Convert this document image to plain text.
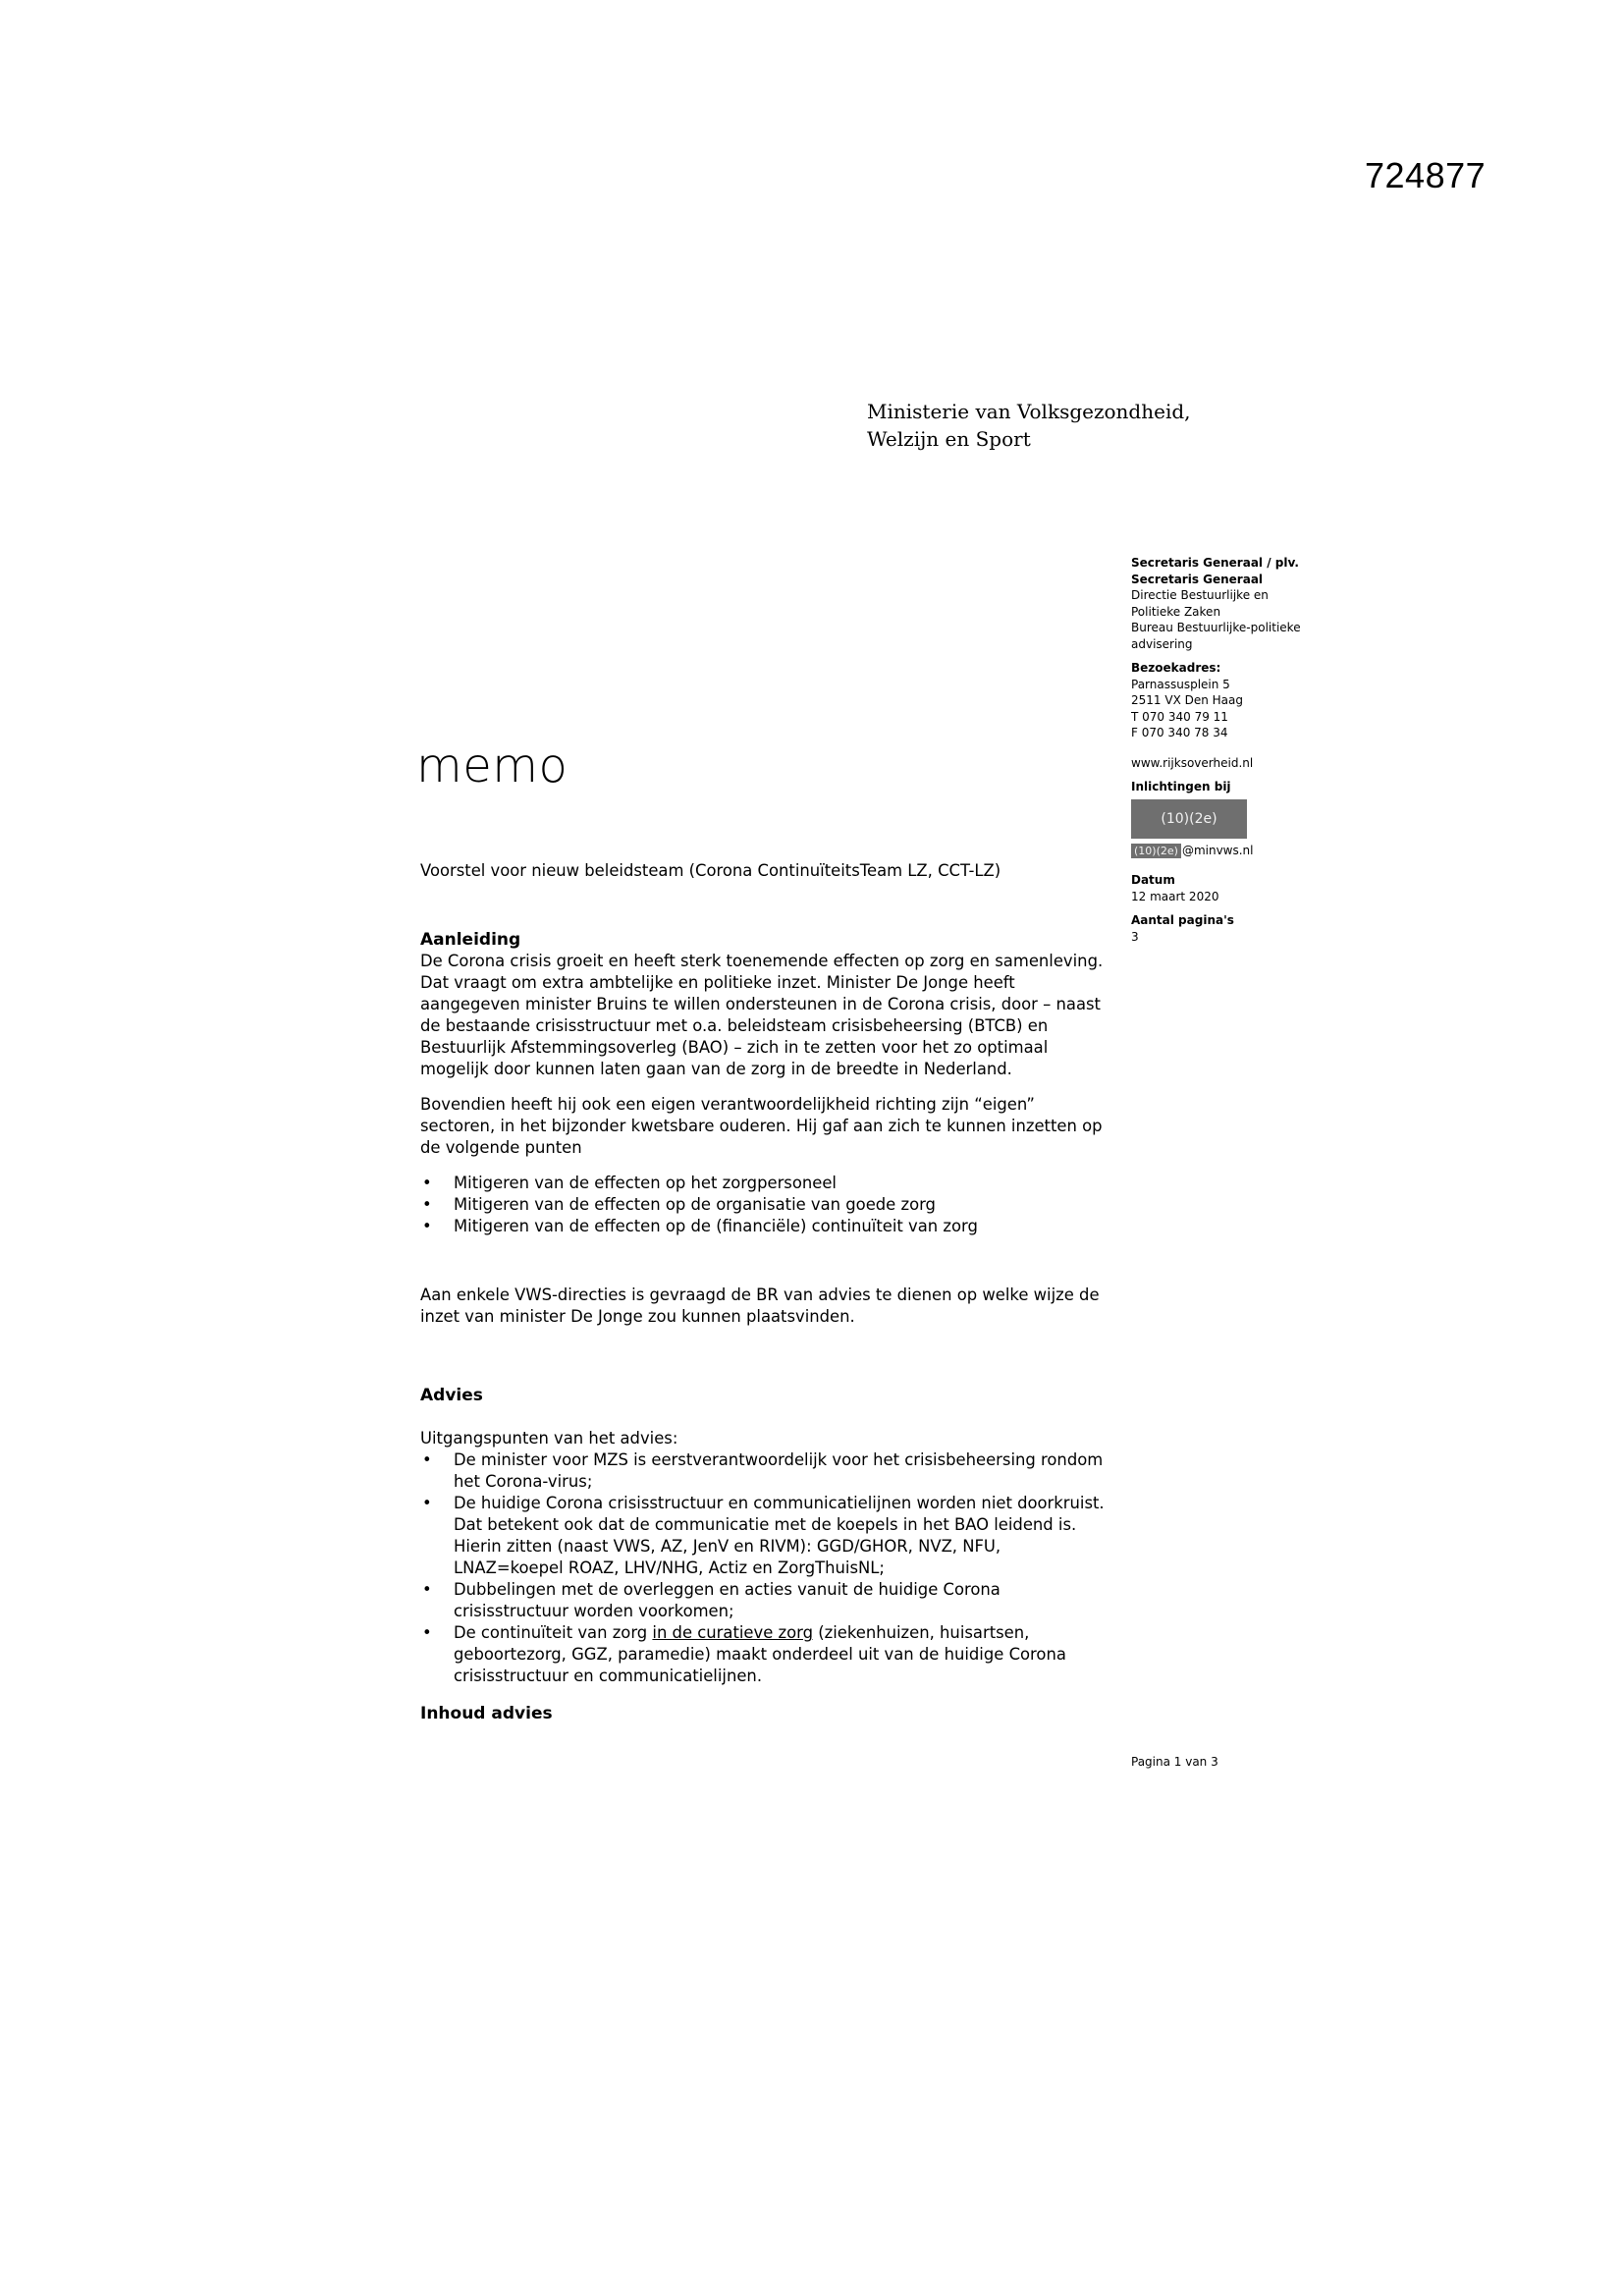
724877
Ministerie van Volksgezondheid,
Welzijn en Sport
Secretaris Generaal / plv.
Secretaris Generaal
Directie Bestuurlijke en
Politieke Zaken
Bureau Bestuurlijke-politieke
advisering
Bezoekadres:
Parnassusplein 5
2511 VX Den Haag
T 070 340 79 11
F 070 340 78 34
www.rijksoverheid.nl
Inlichtingen bij
(10)(2e)
(10)(2e) @minvws.nl
Datum
12 maart 2020
Aantal pagina's
3
memo

Voorstel voor nieuw beleidsteam (Corona ContinuïteitsTeam LZ, CCT-LZ)

Aanleiding

De Corona crisis groeit en heeft sterk toenemende effecten op zorg en samenleving. Dat vraagt om extra ambtelijke en politieke inzet. Minister De Jonge heeft aangegeven minister Bruins te willen ondersteunen in de Corona crisis, door – naast de bestaande crisisstructuur met o.a. beleidsteam crisisbeheersing (BTCB) en Bestuurlijk Afstemmingsoverleg (BAO) – zich in te zetten voor het zo optimaal mogelijk door kunnen laten gaan van de zorg in de breedte in Nederland.

Bovendien heeft hij ook een eigen verantwoordelijkheid richting zijn “eigen” sectoren, in het bijzonder kwetsbare ouderen. Hij gaf aan zich te kunnen inzetten op de volgende punten

• Mitigeren van de effecten op het zorgpersoneel
• Mitigeren van de effecten op de organisatie van goede zorg
• Mitigeren van de effecten op de (financiële) continuïteit van zorg

Aan enkele VWS-directies is gevraagd de BR van advies te dienen op welke wijze de inzet van minister De Jonge zou kunnen plaatsvinden.

Advies

Uitgangspunten van het advies:

• De minister voor MZS is eerstverantwoordelijk voor het crisisbeheersing rondom het Corona-virus;
• De huidige Corona crisisstructuur en communicatielijnen worden niet doorkruist. Dat betekent ook dat de communicatie met de koepels in het BAO leidend is. Hierin zitten (naast VWS, AZ, JenV en RIVM): GGD/GHOR, NVZ, NFU, LNAZ=koepel ROAZ, LHV/NHG, Actiz en ZorgThuisNL;
• Dubbelingen met de overleggen en acties vanuit de huidige Corona crisisstructuur worden voorkomen;
• De continuïteit van zorg in de curatieve zorg (ziekenhuizen, huisartsen, geboortezorg, GGZ, paramedie) maakt onderdeel uit van de huidige Corona crisisstructuur en communicatielijnen.

Inhoud advies

Pagina 1 van 3
